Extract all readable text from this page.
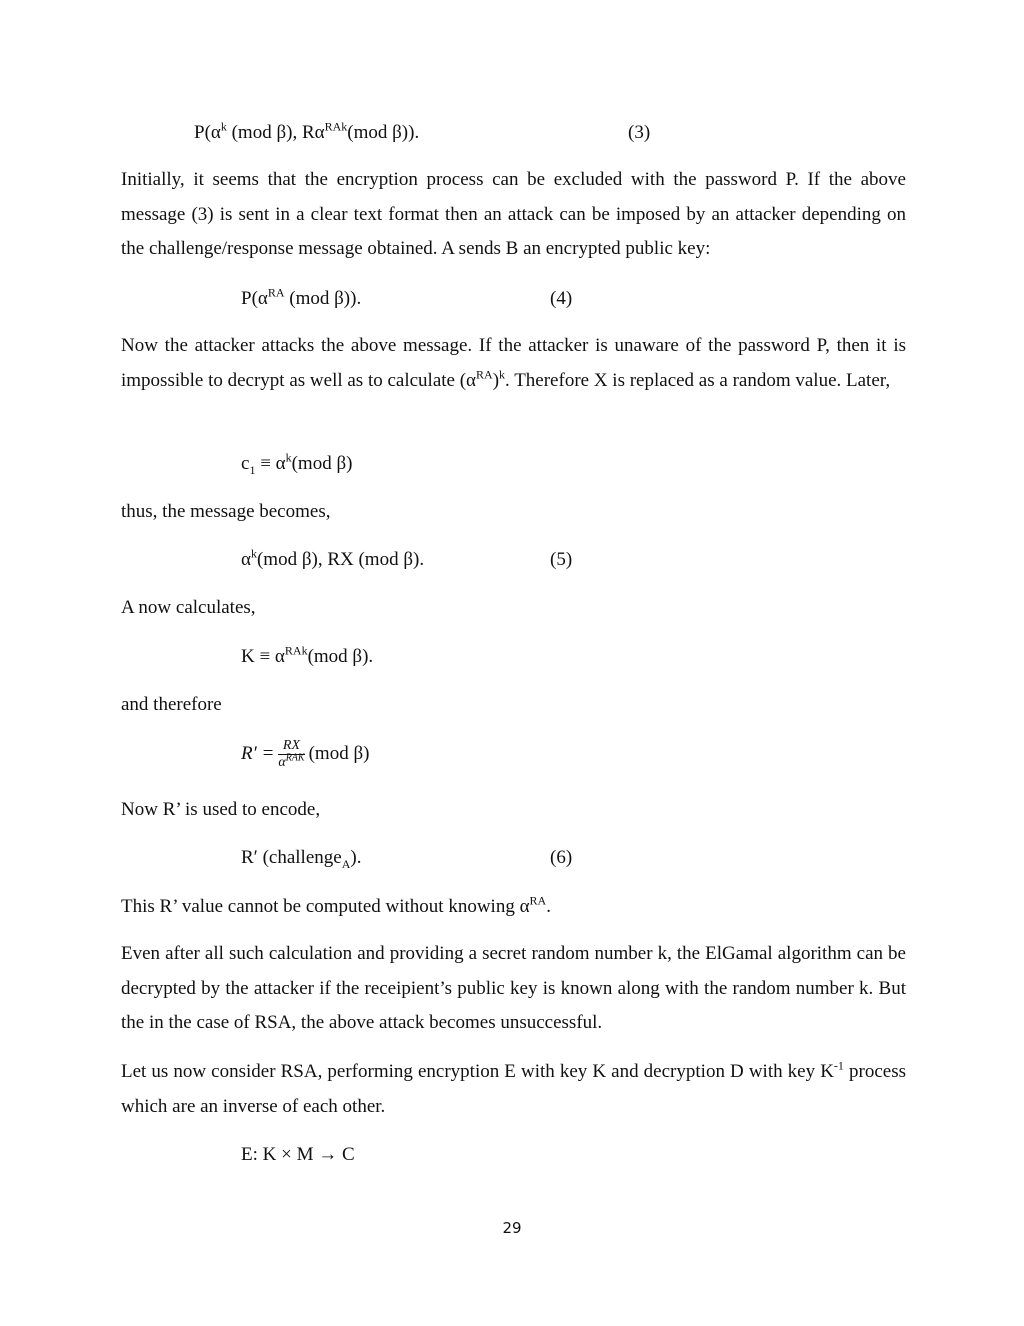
$P(\alpha^k$ (mod β), $R\alpha^{RAk}(mod$ β)).	(3)
Initially, it seems that the encryption process can be excluded with the password P. If the above message (3) is sent in a clear text format then an attack can be imposed by an attacker depending on the challenge/response message obtained. A sends B an encrypted public key:
$P(\alpha^{RA}$ (mod β)).	(4)
Now the attacker attacks the above message. If the attacker is unaware of the password P, then it is impossible to decrypt as well as to calculate $(\alpha^{RA})^k$. Therefore X is replaced as a random value. Later,
$c_1 \equiv \alpha^k(mod$ β)
thus, the message becomes,
$\alpha^k(mod$ β), RX (mod β).	(5)
A now calculates,
$K \equiv \alpha^{RAk}(mod$ β).
and therefore
$R' = \frac{RX}{\alpha^{RAK}} (mod$ β)
Now R’ is used to encode,
R′ (challenge$_A$).	(6)
This R’ value cannot be computed without knowing $\alpha^{RA}$.
Even after all such calculation and providing a secret random number k, the ElGamal algorithm can be decrypted by the attacker if the receipient’s public key is known along with the random number k. But the in the case of RSA, the above attack becomes unsuccessful.
Let us now consider RSA, performing encryption E with key K and decryption D with key $K^{-1}$ process which are an inverse of each other.
E: K × M → C
29
